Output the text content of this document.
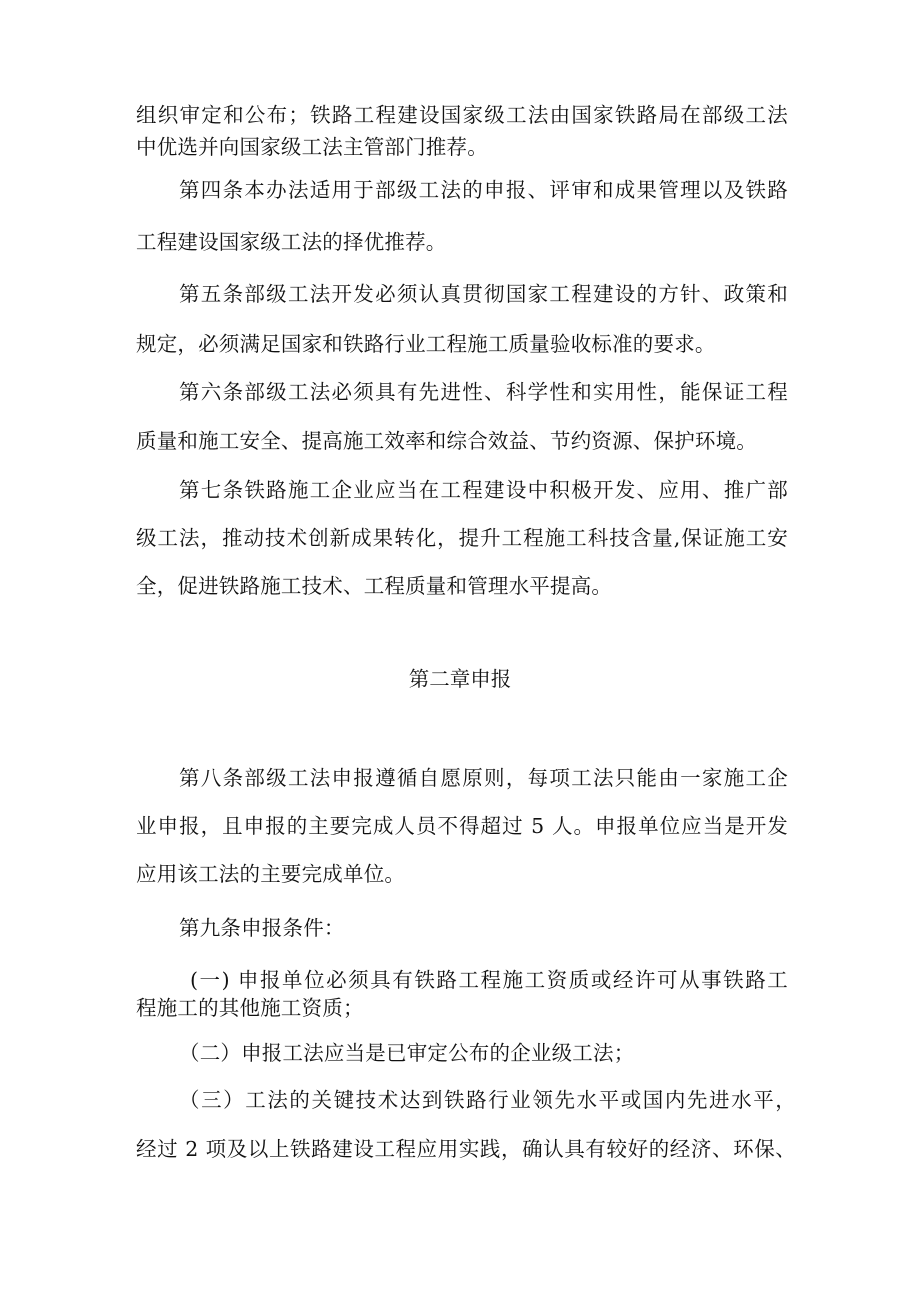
组织审定和公布；铁路工程建设国家级工法由国家铁路局在部级工法
中优选并向国家级工法主管部门推荐。
第四条本办法适用于部级工法的申报、评审和成果管理以及铁路
工程建设国家级工法的择优推荐。
第五条部级工法开发必须认真贯彻国家工程建设的方针、政策和
规定，必须满足国家和铁路行业工程施工质量验收标准的要求。
第六条部级工法必须具有先进性、科学性和实用性，能保证工程
质量和施工安全、提高施工效率和综合效益、节约资源、保护环境。
第七条铁路施工企业应当在工程建设中积极开发、应用、推广部
级工法，推动技术创新成果转化，提升工程施工科技含量,保证施工安
全，促进铁路施工技术、工程质量和管理水平提高。
第二章申报
第八条部级工法申报遵循自愿原则，每项工法只能由一家施工企
业申报，且申报的主要完成人员不得超过 5 人。申报单位应当是开发
应用该工法的主要完成单位。
第九条申报条件：
(一) 申报单位必须具有铁路工程施工资质或经许可从事铁路工
程施工的其他施工资质；
（二）申报工法应当是已审定公布的企业级工法；
（三）工法的关键技术达到铁路行业领先水平或国内先进水平，
经过 2 项及以上铁路建设工程应用实践，确认具有较好的经济、环保、
